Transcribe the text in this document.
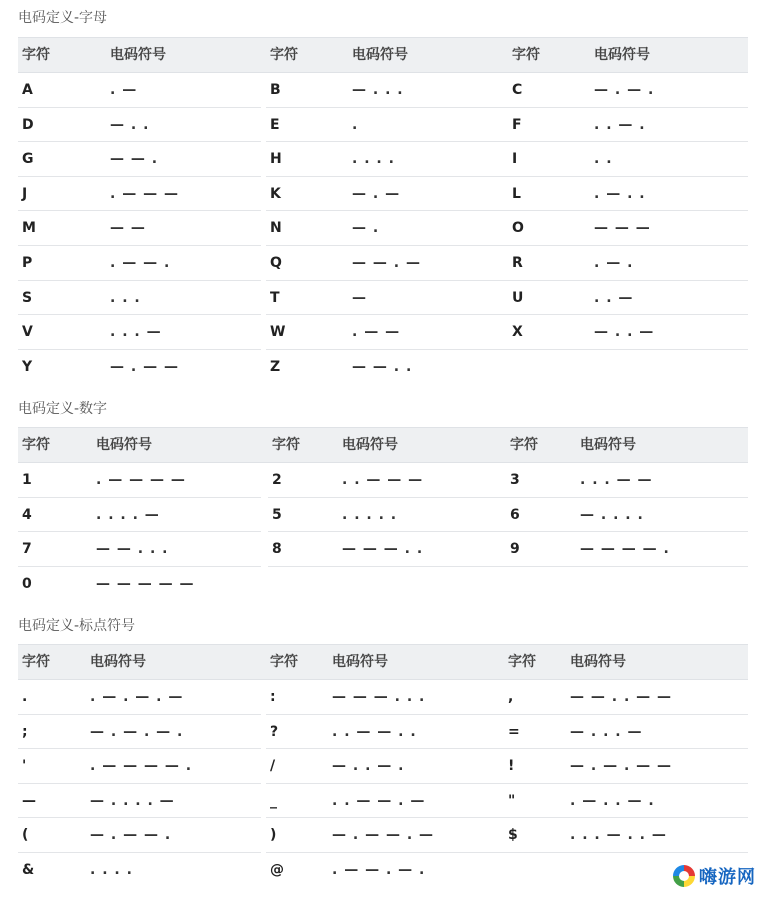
电码定义-字母
字符	电码符号	字符	电码符号	字符	电码符号
A	. —	B	— . . .	C	— . — .
D	— . .	E	.	F	. . — .
G	— — .	H	. . . .	I	. .
J	. — — —	K	— . —	L	. — . .
M	— —	N	— .	O	— — —
P	. — — .	Q	— — . —	R	. — .
S	. . .	T	—	U	. . —
V	. . . —	W	. — —	X	— . . —
Y	— . — —	Z	— — . .
电码定义-数字
字符	电码符号	字符	电码符号	字符	电码符号
1	. — — — —	2	. . — — —	3	. . . — —
4	. . . . —	5	. . . . .	6	— . . . .
7	— — . . .	8	— — — . .	9	— — — — .
0	— — — — —
电码定义-标点符号
字符	电码符号	字符 电码符号	字符 电码符号
.	. — . — . —	:	— — — . . .	,	— — . . — —
;	— . — . — .	?	. . — — . .	=	— . . . —
'	. — — — — .	/	— . . — .	!	— . — . — —
—	— . . . . —	_	. . — — . —	"	. — . . — .
(	— . — — .	)	— . — — . —	$	. . . — . . —
&	. . . .	@	. — — . — .	嗨游网
